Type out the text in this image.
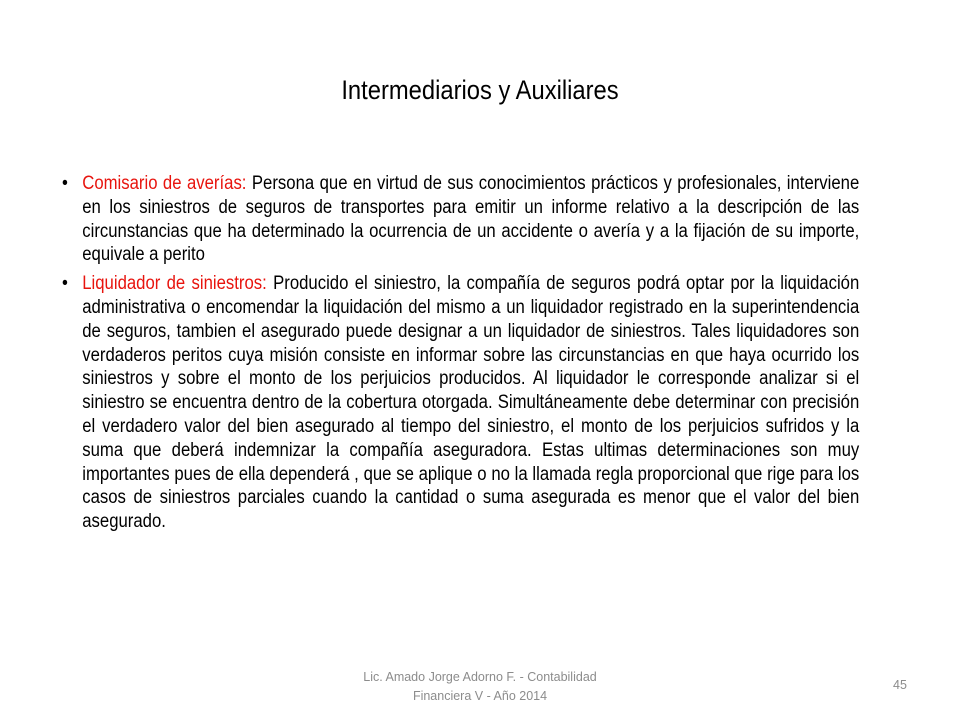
Intermediarios y Auxiliares
• Comisario de averías: Persona que en virtud de sus conocimientos prácticos y profesionales, interviene en los siniestros de seguros de transportes para emitir un informe relativo a la descripción de las circunstancias que ha determinado la ocurrencia de un accidente o avería y a la fijación de su importe, equivale a perito
• Liquidador de siniestros: Producido el siniestro, la compañía de seguros podrá optar por la liquidación administrativa o encomendar la liquidación del mismo a un liquidador registrado en la superintendencia de seguros, tambien el asegurado puede designar a un liquidador de siniestros. Tales liquidadores son verdaderos peritos cuya misión consiste en informar sobre las circunstancias en que haya ocurrido los siniestros y sobre el monto de los perjuicios producidos. Al liquidador le corresponde analizar si el siniestro se encuentra dentro de la cobertura otorgada. Simultáneamente debe determinar con precisión el verdadero valor del bien asegurado al tiempo del siniestro, el monto de los perjuicios sufridos y la suma que deberá indemnizar la compañía aseguradora. Estas ultimas determinaciones son muy importantes pues de ella dependerá , que se aplique o no la llamada regla proporcional que rige para los casos de siniestros parciales cuando la cantidad o suma asegurada es menor que el valor del bien asegurado.
Lic. Amado Jorge Adorno F. - Contabilidad
Financiera V - Año 2014
45
